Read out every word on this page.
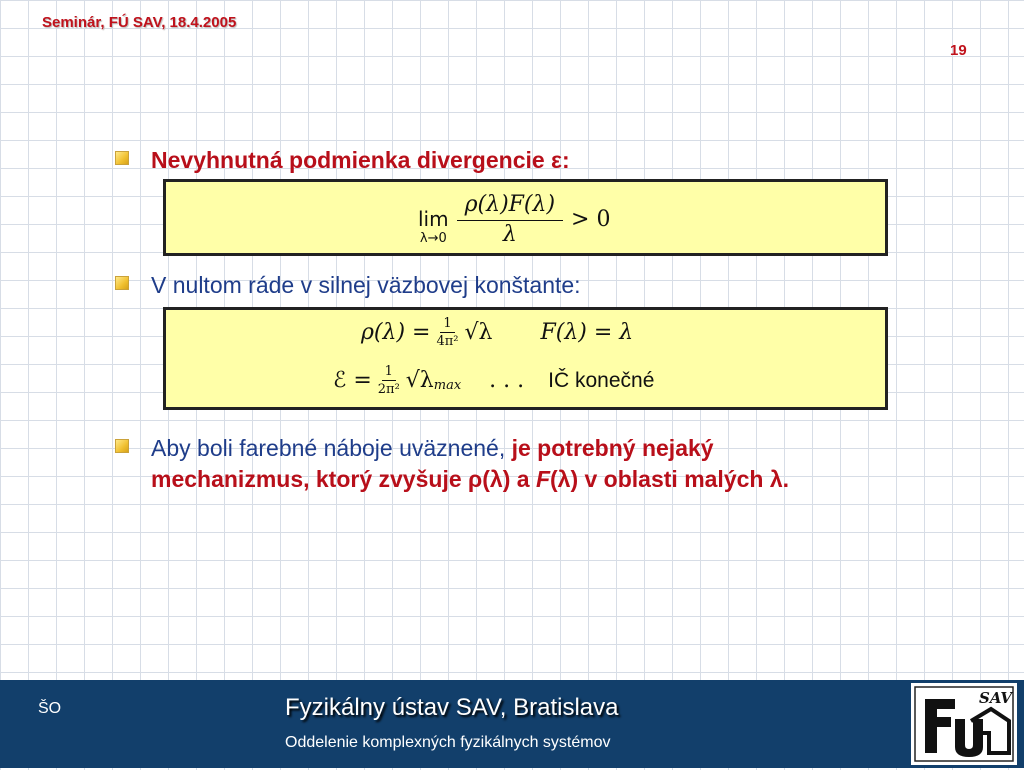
Seminár, FÚ SAV, 18.4.2005
19
Nevyhnutná podmienka divergencie ε:
lim
$\lambda\to 0 \frac{\rho(\lambda)F(\lambda)}{\lambda} > 0$
V nultom ráde v silnej väzbovej konštante:
$\rho(\lambda) = \frac{1}{\text{4π²}} √\lambda$ F(λ) = λ
ℰ = $\frac{1}{\text{2π²}} √\lambda$ max . . . IČ konečné
Aby boli farebné náboje uväznené, je potrebný nejaký
mechanizmus, ktorý zvyšuje ρ(λ) a F(λ) v oblasti malých λ.
ŠO	Fyzikálny ústav SAV, Bratislava
Oddelenie komplexných fyzikálnych systémov
SAV
